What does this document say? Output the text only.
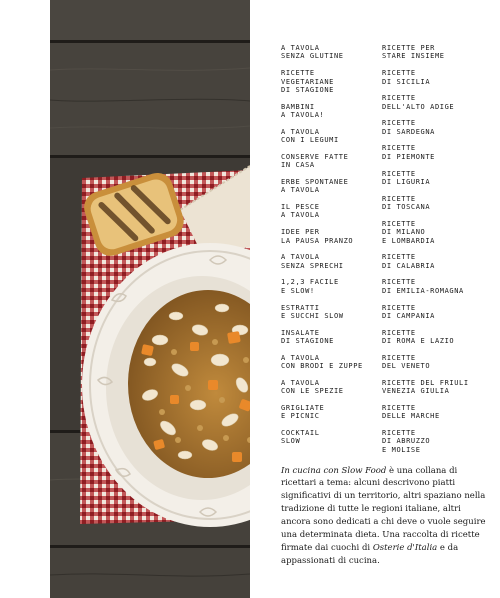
A TAVOLA
SENZA GLUTINE
RICETTE
VEGETARIANE
DI STAGIONE
BAMBINI
A TAVOLA!
A TAVOLA
CON I LEGUMI
CONSERVE FATTE
IN CASA
ERBE SPONTANEE
A TAVOLA
IL PESCE
A TAVOLA
IDEE PER
LA PAUSA PRANZO
A TAVOLA
SENZA SPRECHI
1,2,3 FACILE
E SLOW!
ESTRATTI
E SUCCHI SLOW
INSALATE
DI STAGIONE
A TAVOLA
CON BRODI E ZUPPE
A TAVOLA
CON LE SPEZIE
GRIGLIATE
E PICNIC
COCKTAIL
SLOW
RICETTE PER
STARE INSIEME
RICETTE
DI SICILIA
RICETTE
DELL'ALTO ADIGE
RICETTE
DI SARDEGNA
RICETTE
DI PIEMONTE
RICETTE
DI LIGURIA
RICETTE
DI TOSCANA
RICETTE
DI MILANO
E LOMBARDIA
RICETTE
DI CALABRIA
RICETTE
DI EMILIA-ROMAGNA
RICETTE
DI CAMPANIA
RICETTE
DI ROMA E LAZIO
RICETTE
DEL VENETO
RICETTE DEL FRIULI
VENEZIA GIULIA
RICETTE
DELLE MARCHE
RICETTE
DI ABRUZZO
E MOLISE

In cucina con Slow Food è una collana di ricettari a tema: alcuni descrivono piatti significativi di un territorio, altri spaziano nella tradizione di tutte le regioni italiane, altri ancora sono dedicati a chi deve o vuole seguire una determinata dieta. Una raccolta di ricette firmate dai cuochi di Osterie d'Italia e da appassionati di cucina.
